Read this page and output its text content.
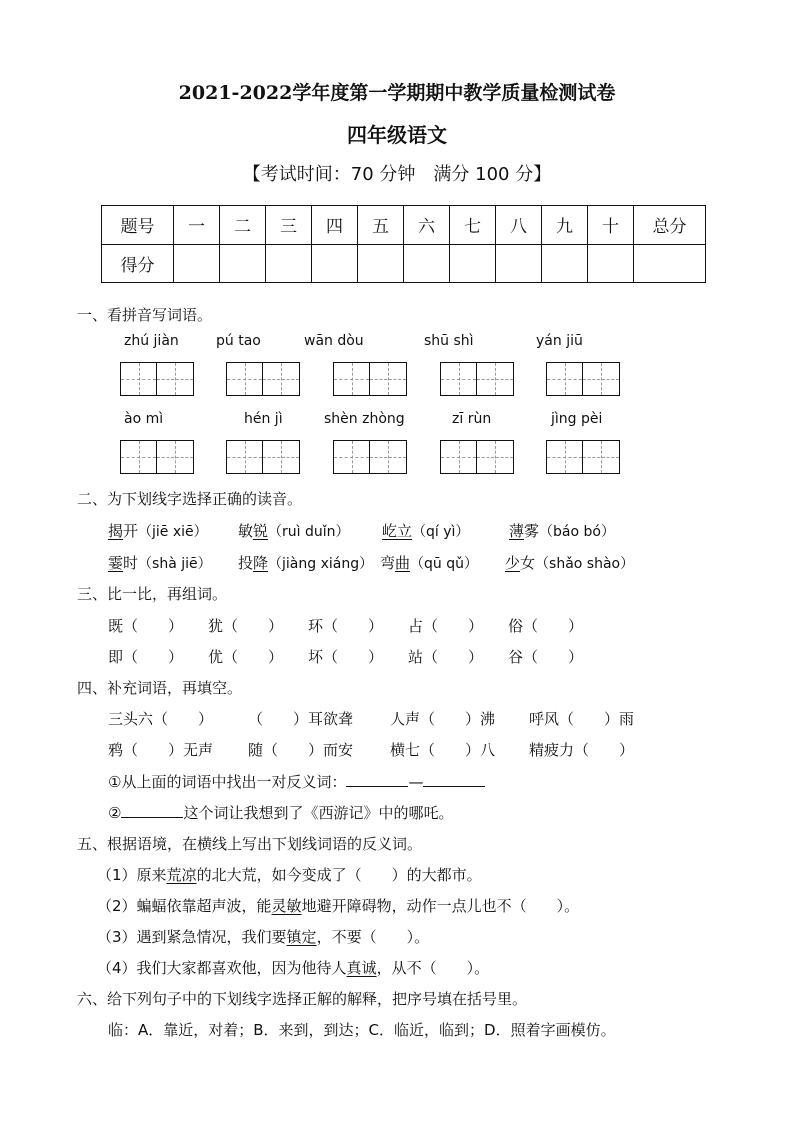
2021-2022学年度第一学期期中教学质量检测试卷
四年级语文
【考试时间：70 分钟　满分 100 分】
题号	一	二	三	四	五	六	七	八	九	十	总分
得分											
一、看拼音写词语。
zhú jiàn	pú tao	wān dòu	shū shì	yán jiū
ào mì	hén jì	shèn zhòng	zī rùn	jìng pèi
二、为下划线字选择正确的读音。
揭开（jiē xiē） 敏锐（ruì duǐn） 屹立（qí yì）	薄雾（báo bó）
霎时（shà jiē） 投降（jiàng xiáng） 弯曲（qū qǔ） 少女（shǎo shào）
三、比一比，再组词。
既（　　） 犹（　　） 环（　　） 占（　　） 俗（　　）
即（　　） 优（　　） 坏（　　） 站（　　） 谷（　　）
四、补充词语，再填空。
三头六（　　） （　　）耳欲聋 人声（　　）沸 呼风（　　）雨
鸦（　　）无声 随（　　）而安 横七（　　）八 精疲力（　　）
①从上面的词语中找出一对反义词：	—
②	这个词让我想到了《西游记》中的哪吒。
五、根据语境，在横线上写出下划线词语的反义词。
（1）原来荒凉的北大荒，如今变成了（　　）的大都市。
（2）蝙蝠依靠超声波，能灵敏地避开障碍物，动作一点儿也不（　　）。
（3）遇到紧急情况，我们要镇定，不要（　　）。
（4）我们大家都喜欢他，因为他待人真诚，从不（　　）。
六、给下列句子中的下划线字选择正解的解释，把序号填在括号里。
临：A．靠近，对着；B．来到，到达；C．临近，临到；D．照着字画模仿。
